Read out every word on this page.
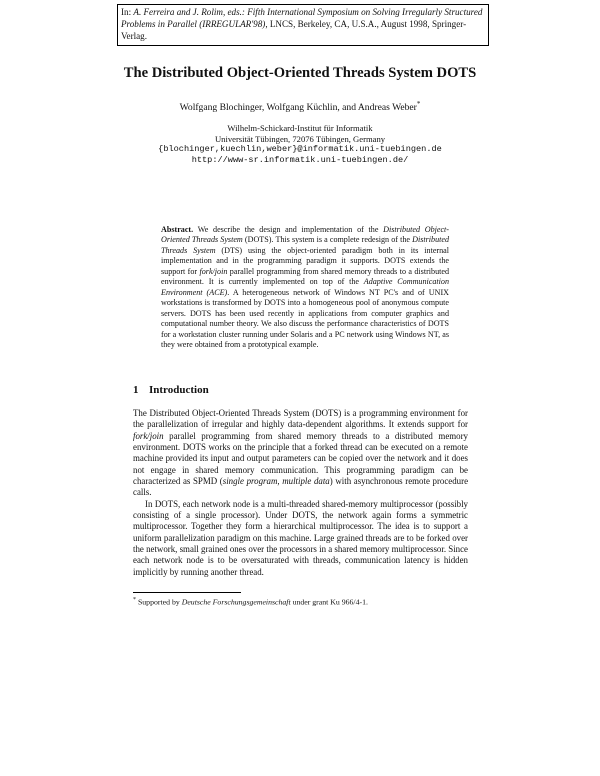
In: A. Ferreira and J. Rolim, eds.: Fifth International Symposium on Solving Irregularly Structured Problems in Parallel (IRREGULAR'98), LNCS, Berkeley, CA, U.S.A., August 1998, Springer-Verlag.
The Distributed Object-Oriented Threads System DOTS
Wolfgang Blochinger, Wolfgang Küchlin, and Andreas Weber*
Wilhelm-Schickard-Institut für Informatik
Universität Tübingen, 72076 Tübingen, Germany
{blochinger,kuechlin,weber}@informatik.uni-tuebingen.de
http://www-sr.informatik.uni-tuebingen.de/
Abstract. We describe the design and implementation of the Distributed Object-Oriented Threads System (DOTS). This system is a complete redesign of the Distributed Threads System (DTS) using the object-oriented paradigm both in its internal implementation and in the programming paradigm it supports. DOTS extends the support for fork/join parallel programming from shared memory threads to a distributed environment. It is currently implemented on top of the Adaptive Communication Environment (ACE). A heterogeneous network of Windows NT PC's and of UNIX workstations is transformed by DOTS into a homogeneous pool of anonymous compute servers. DOTS has been used recently in applications from computer graphics and computational number theory. We also discuss the performance characteristics of DOTS for a workstation cluster running under Solaris and a PC network using Windows NT, as they were obtained from a prototypical example.
1 Introduction

The Distributed Object-Oriented Threads System (DOTS) is a programming environment for the parallelization of irregular and highly data-dependent algorithms. It extends support for fork/join parallel programming from shared memory threads to a distributed memory environment. DOTS works on the principle that a forked thread can be executed on a remote machine provided its input and output parameters can be copied over the network and it does not engage in shared memory communication. This programming paradigm can be characterized as SPMD (single program, multiple data) with asynchronous remote procedure calls.

In DOTS, each network node is a multi-threaded shared-memory multiprocessor (possibly consisting of a single processor). Under DOTS, the network again forms a symmetric multiprocessor. Together they form a hierarchical multiprocessor. The idea is to support a uniform parallelization paradigm on this machine. Large grained threads are to be forked over the network, small grained ones over the processors in a shared memory multiprocessor. Since each network node is to be oversaturated with threads, communication latency is hidden implicitly by running another thread.

* Supported by Deutsche Forschungsgemeinschaft under grant Ku 966/4-1.
